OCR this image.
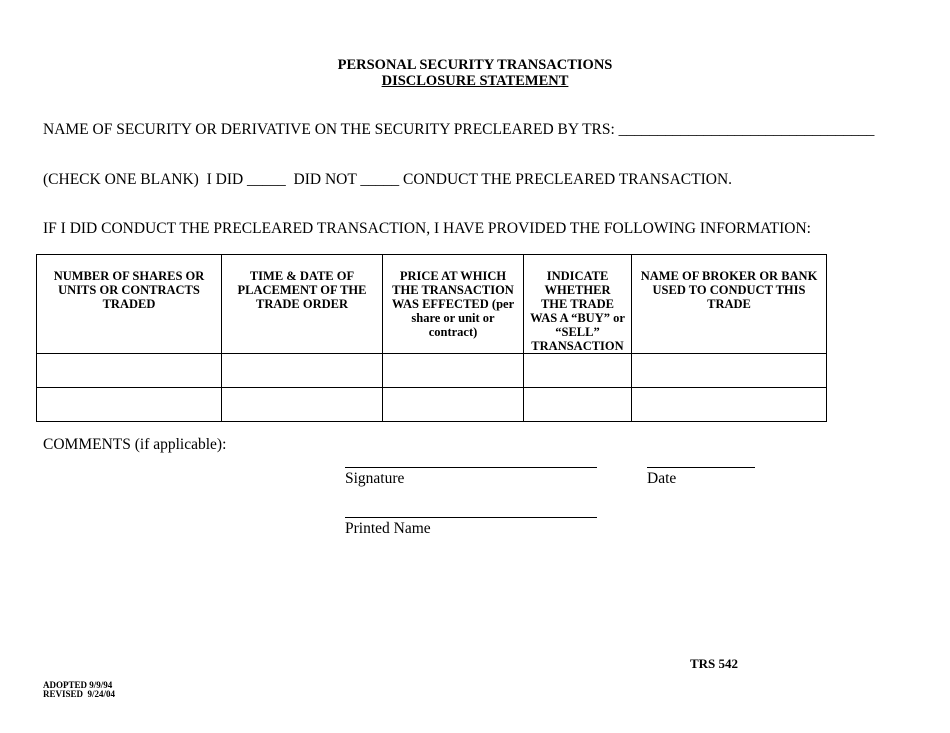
PERSONAL SECURITY TRANSACTIONS
DISCLOSURE STATEMENT
NAME OF SECURITY OR DERIVATIVE ON THE SECURITY PRECLEARED BY TRS: _________________________________
(CHECK ONE BLANK)  I DID _____  DID NOT _____ CONDUCT THE PRECLEARED TRANSACTION.
IF I DID CONDUCT THE PRECLEARED TRANSACTION, I HAVE PROVIDED THE FOLLOWING INFORMATION:
NUMBER OF SHARES OR UNITS OR CONTRACTS TRADED	TIME & DATE OF PLACEMENT OF THE TRADE ORDER	PRICE AT WHICH THE TRANSACTION WAS EFFECTED (per share or unit or contract)	INDICATE WHETHER THE TRADE WAS A “BUY” or “SELL” TRANSACTION	NAME OF BROKER OR BANK USED TO CONDUCT THIS TRADE

COMMENTS (if applicable):
Signature	Date
Printed Name
TRS 542
ADOPTED 9/9/94
REVISED  9/24/04
